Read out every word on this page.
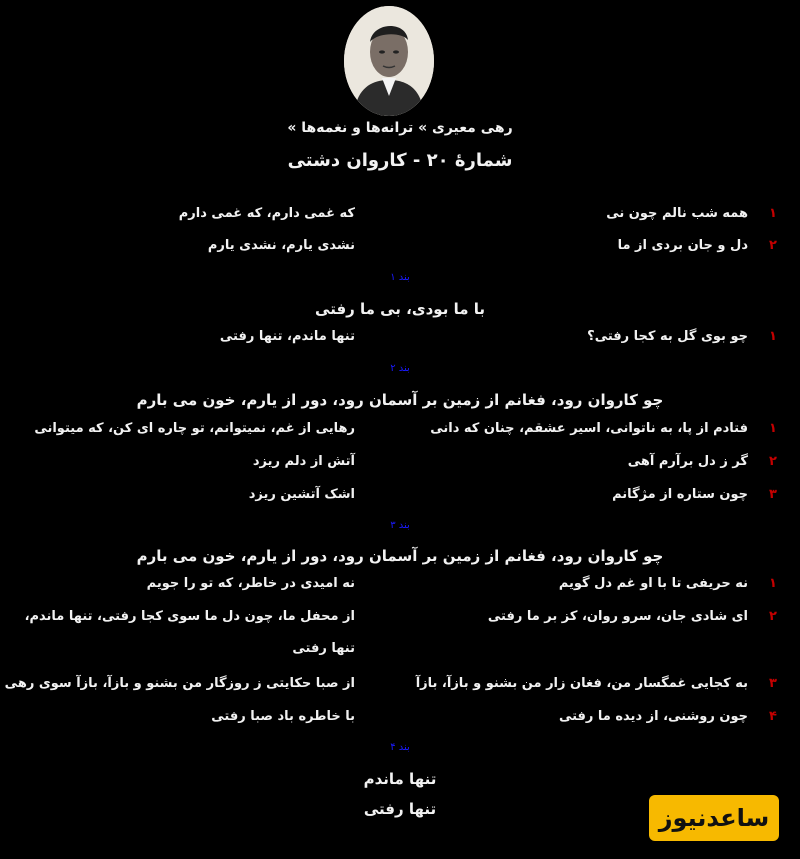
رهی معیری » ترانه‌ها و نغمه‌ها »
شمارهٔ ۲۰ - کاروان دشتی
۱
همه شب نالم چون نی
که غمی دارم، که غمی دارم
۲
دل و جان بردی از ما
نشدی یارم، نشدی یارم
بند ۱
با ما بودی، بی ما رفتی
۱
چو بوی گل به کجا رفتی؟
تنها ماندم، تنها رفتی
بند ۲
چو کاروان رود، فغانم از زمین بر آسمان رود، دور از یارم، خون می بارم
۱
فتادم از پا، به ناتوانی، اسیر عشقم، چنان که دانی
رهایی از غم، نمیتوانم، تو چاره ای کن، که میتوانی
۲
گر ز دل برآرم آهی
آتش از دلم ریزد
۳
چون ستاره از مژگانم
اشک آتشین ریزد
بند ۳
چو کاروان رود، فغانم از زمین بر آسمان رود، دور از یارم، خون می بارم
۱
نه حریفی تا با او غم دل گویم
نه امیدی در خاطر، که تو را جویم
۲
ای شادی جان، سرو روان، کز بر ما رفتی
از محفل ما، چون دل ما سوی کجا رفتی، تنها ماندم، تنها رفتی
۳
به کجایی غمگسار من، فغان زار من بشنو و بازآ، بازآ
از صبا حکایتی ز روزگار من بشنو و بازآ، بازآ سوی رهی
۴
چون روشنی، از دیده ما رفتی
با خاطره باد صبا رفتی
بند ۴
تنها ماندم
تنها رفتی	ساعدنیوز
